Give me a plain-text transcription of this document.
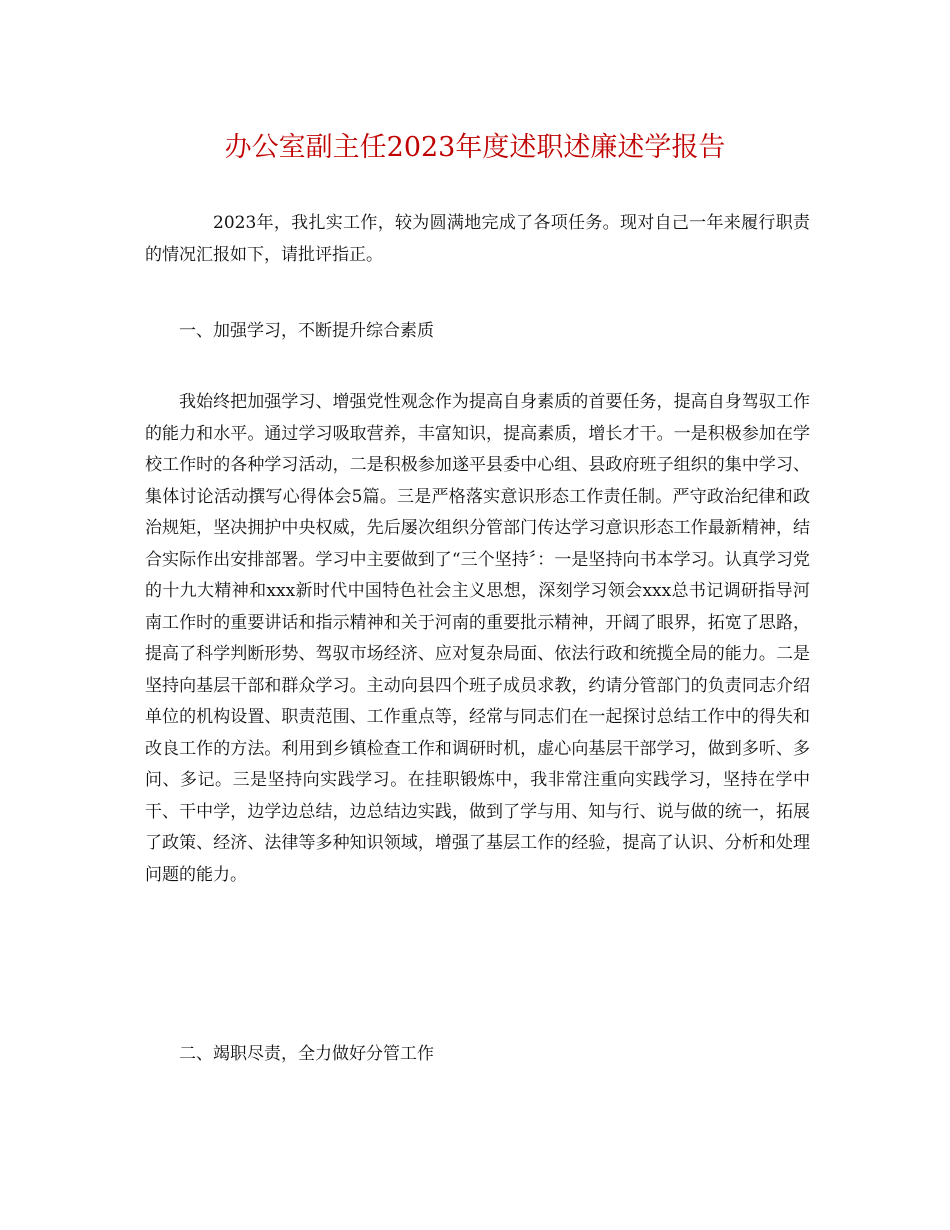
办公室副主任2023年度述职述廉述学报告
2023年，我扎实工作，较为圆满地完成了各项任务。现对自己一年来履行职责的情况汇报如下，请批评指正。
一、加强学习，不断提升综合素质
我始终把加强学习、增强党性观念作为提高自身素质的首要任务，提高自身驾驭工作的能力和水平。通过学习吸取营养，丰富知识，提高素质，增长才干。一是积极参加在学校工作时的各种学习活动，二是积极参加遂平县委中心组、县政府班子组织的集中学习、集体讨论活动撰写心得体会5篇。三是严格落实意识形态工作责任制。严守政治纪律和政治规矩，坚决拥护中央权威，先后屡次组织分管部门传达学习意识形态工作最新精神，结合实际作出安排部署。学习中主要做到了“三个坚持〞：一是坚持向书本学习。认真学习党的十九大精神和xxx新时代中国特色社会主义思想，深刻学习领会xxx总书记调研指导河南工作时的重要讲话和指示精神和关于河南的重要批示精神，开阔了眼界，拓宽了思路，提高了科学判断形势、驾驭市场经济、应对复杂局面、依法行政和统揽全局的能力。二是坚持向基层干部和群众学习。主动向县四个班子成员求教，约请分管部门的负责同志介绍单位的机构设置、职责范围、工作重点等，经常与同志们在一起探讨总结工作中的得失和改良工作的方法。利用到乡镇检查工作和调研时机，虚心向基层干部学习，做到多听、多问、多记。三是坚持向实践学习。在挂职锻炼中，我非常注重向实践学习，坚持在学中干、干中学，边学边总结，边总结边实践，做到了学与用、知与行、说与做的统一，拓展了政策、经济、法律等多种知识领域，增强了基层工作的经验，提高了认识、分析和处理问题的能力。
二、竭职尽责，全力做好分管工作
